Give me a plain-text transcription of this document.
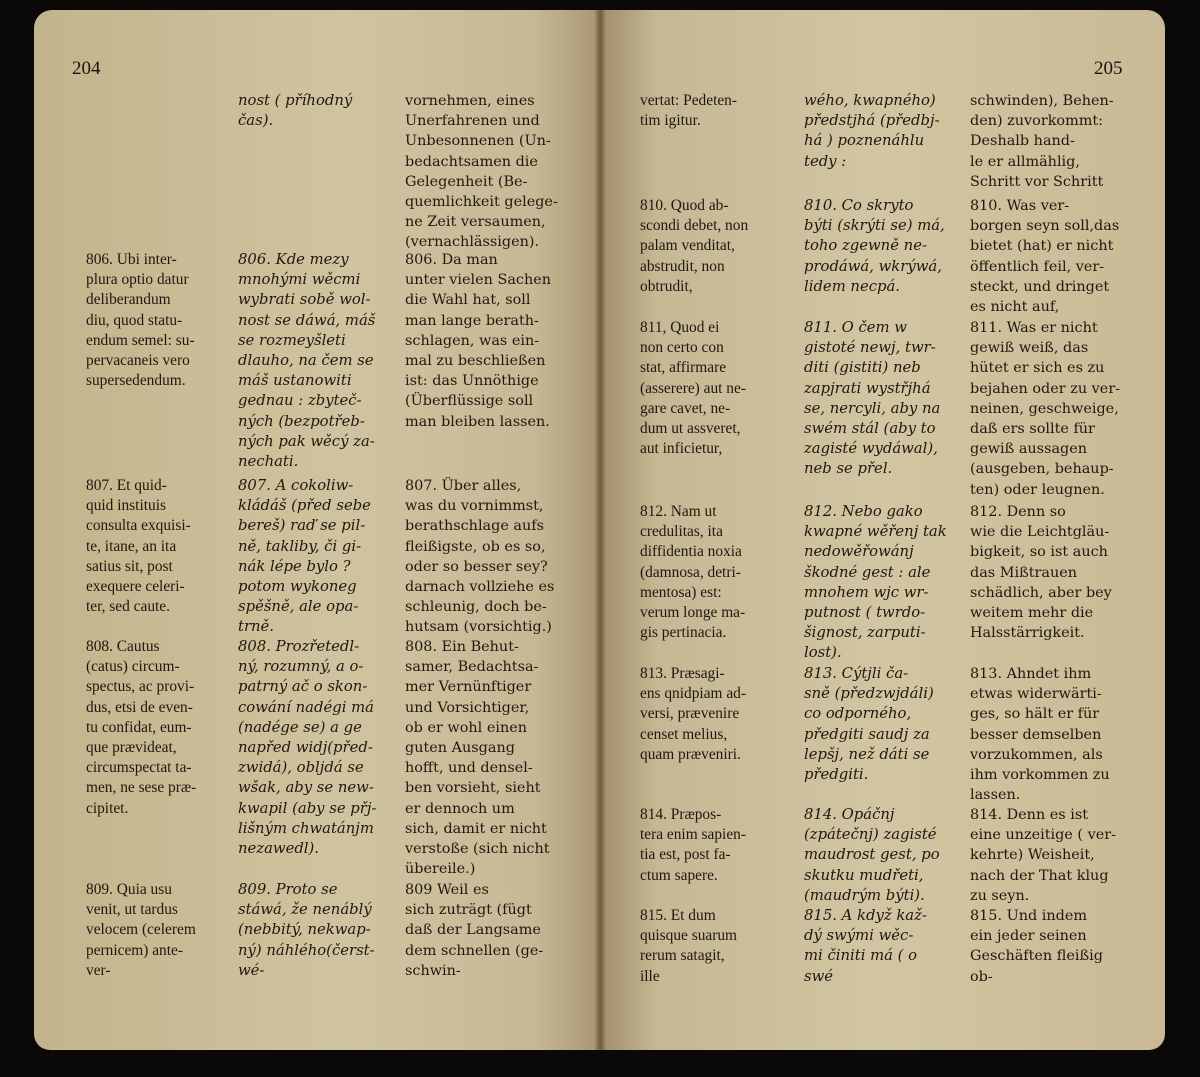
204	205
806. Ubi inter-
plura optio datur
deliberandum
diu, quod statu-
endum semel: su-
pervacaneis vero
supersedendum.
807. Et quid-
quid instituis
consulta exquisi-
te, itane, an ita
satius sit, post
exequere celeri-
ter, sed caute.
808. Cautus
(catus) circum-
spectus, ac provi-
dus, etsi de even-
tu confidat, eum-
que prævideat,
circumspectat ta-
men, ne sese præ-
cipitet.
809. Quia usu
venit, ut tardus
velocem (celerem
pernicem) ante-
ver-
nost ( příhodný
čas).
806. Kde mezy
mnohými wěcmi
wybrati sobě wol-
nost se dáwá, máš
se rozmeyšleti
dlauho, na čem se
máš ustanowiti
gednau : zbyteč-
ných (bezpotřeb-
ných pak wěcý za-
nechati.
807. A cokoliw-
kládáš (před sebe
bereš) raď se pil-
ně, takliby, či gi-
nák lépe bylo ?
potom wykoneg
spěšně, ale opa-
trně.
808. Prozřetedl-
ný, rozumný, a o-
patrný ač o skon-
cowání nadégi má
(nadége se) a ge
napřed widj(před-
zwidá), obljdá se
wšak, aby se new-
kwapil (aby se přj-
lišným chwatánjm
nezawedl).
809. Proto se
stáwá, že nenáblý
(nebbitý, nekwap-
ný) náhlého(čerst-
wé-
vornehmen, eines
Unerfahrenen und
Unbesonnenen (Un-
bedachtsamen die
Gelegenheit (Be-
quemlichkeit gelege-
ne Zeit versaumen,
(vernachlässigen).
806. Da man
unter vielen Sachen
die Wahl hat, soll
man lange berath-
schlagen, was ein-
mal zu beschließen
ist: das Unnöthige
(Überflüssige soll
man bleiben lassen.
807. Über alles,
was du vornimmst,
berathschlage aufs
fleißigste, ob es so,
oder so besser sey?
darnach vollziehe es
schleunig, doch be-
hutsam (vorsichtig.)
808. Ein Behut-
samer, Bedachtsa-
mer Vernünftiger
und Vorsichtiger,
ob er wohl einen
guten Ausgang
hofft, und densel-
ben vorsieht, sieht
er dennoch um
sich, damit er nicht
verstoße (sich nicht
übereile.)
809 Weil es
sich zuträgt (fügt
daß der Langsame
dem schnellen (ge-
schwin-
vertat: Pedeten-
tim igitur.
810. Quod ab-
scondi debet, non
palam venditat,
abstrudit, non
obtrudit,
811, Quod ei
non certo con
stat, affirmare
(asserere) aut ne-
gare cavet, ne-
dum ut assveret,
aut inficietur,
812. Nam ut
credulitas, ita
diffidentia noxia
(damnosa, detri-
mentosa) est:
verum longe ma-
gis pertinacia.
813. Præsagi-
ens qnidpiam ad-
versi, prævenire
censet melius,
quam præveniri.
814. Præpos-
tera enim sapien-
tia est, post fa-
ctum sapere.
815. Et dum
quisque suarum
rerum satagit,
ille
wého, kwapného)
předstjhá (předbj-
há ) poznenáhlu
tedy :
810. Co skryto
býti (skrýti se) má,
toho zgewně ne-
prodáwá, wkrýwá,
lidem necpá.
811. O čem w
gistoté newj, twr-
diti (gistiti) neb
zapjrati wystřjhá
se, nercyli, aby na
swém stál (aby to
zagisté wydáwal),
neb se přel.
812. Nebo gako
kwapné wěřenj tak
nedowěřowánj
škodné gest : ale
mnohem wjc wr-
putnost ( twrdo-
šignost, zarputi-
lost).
813. Cýtjli ča-
sně (předzwjdáli)
co odporného,
předgiti saudj za
lepšj, než dáti se
předgiti.
814. Opáčnj
(zpátečnj) zagisté
maudrost gest, po
skutku mudřeti,
(maudrým býti).
815. A když kaž-
dý swými wěc-
mi činiti má ( o
swé
schwinden), Behen-
den) zuvorkommt:
Deshalb hand-
le er allmählig,
Schritt vor Schritt
810. Was ver-
borgen seyn soll,das
bietet (hat) er nicht
öffentlich feil, ver-
steckt, und dringet
es nicht auf,
811. Was er nicht
gewiß weiß, das
hütet er sich es zu
bejahen oder zu ver-
neinen, geschweige,
daß ers sollte für
gewiß aussagen
(ausgeben, behaup-
ten) oder leugnen.
812. Denn so
wie die Leichtgläu-
bigkeit, so ist auch
das Mißtrauen
schädlich, aber bey
weitem mehr die
Halsstärrigkeit.
813. Ahndet ihm
etwas widerwärti-
ges, so hält er für
besser demselben
vorzukommen, als
ihm vorkommen zu
lassen.
814. Denn es ist
eine unzeitige ( ver-
kehrte) Weisheit,
nach der That klug
zu seyn.
815. Und indem
ein jeder seinen
Geschäften fleißig
ob-
